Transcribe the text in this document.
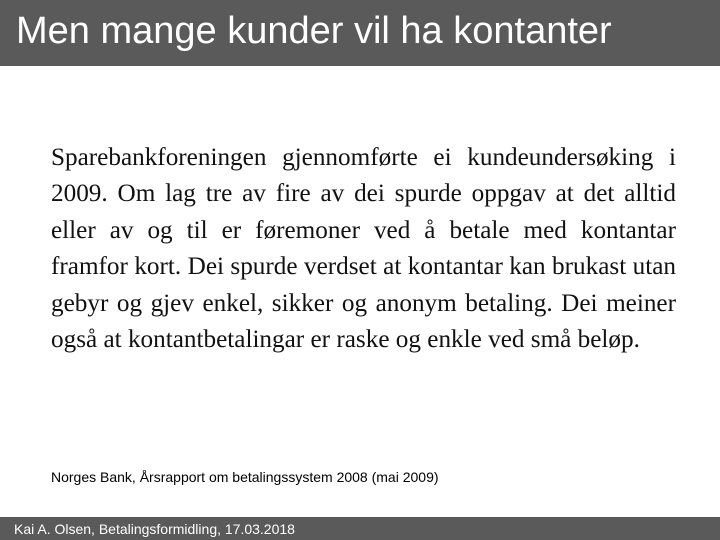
Men mange kunder vil ha kontanter

Sparebankforeningen gjennomførte ei kundeundersøking i 2009. Om lag tre av fire av dei spurde oppgav at det alltid eller av og til er føremoner ved å betale med kontantar framfor kort. Dei spurde verdset at kontantar kan brukast utan gebyr og gjev enkel, sikker og anonym betaling. Dei meiner også at kontantbetalingar er raske og enkle ved små beløp.

Norges Bank, Årsrapport om betalingssystem 2008 (mai 2009)
Kai A. Olsen, Betalingsformidling, 17.03.2018
